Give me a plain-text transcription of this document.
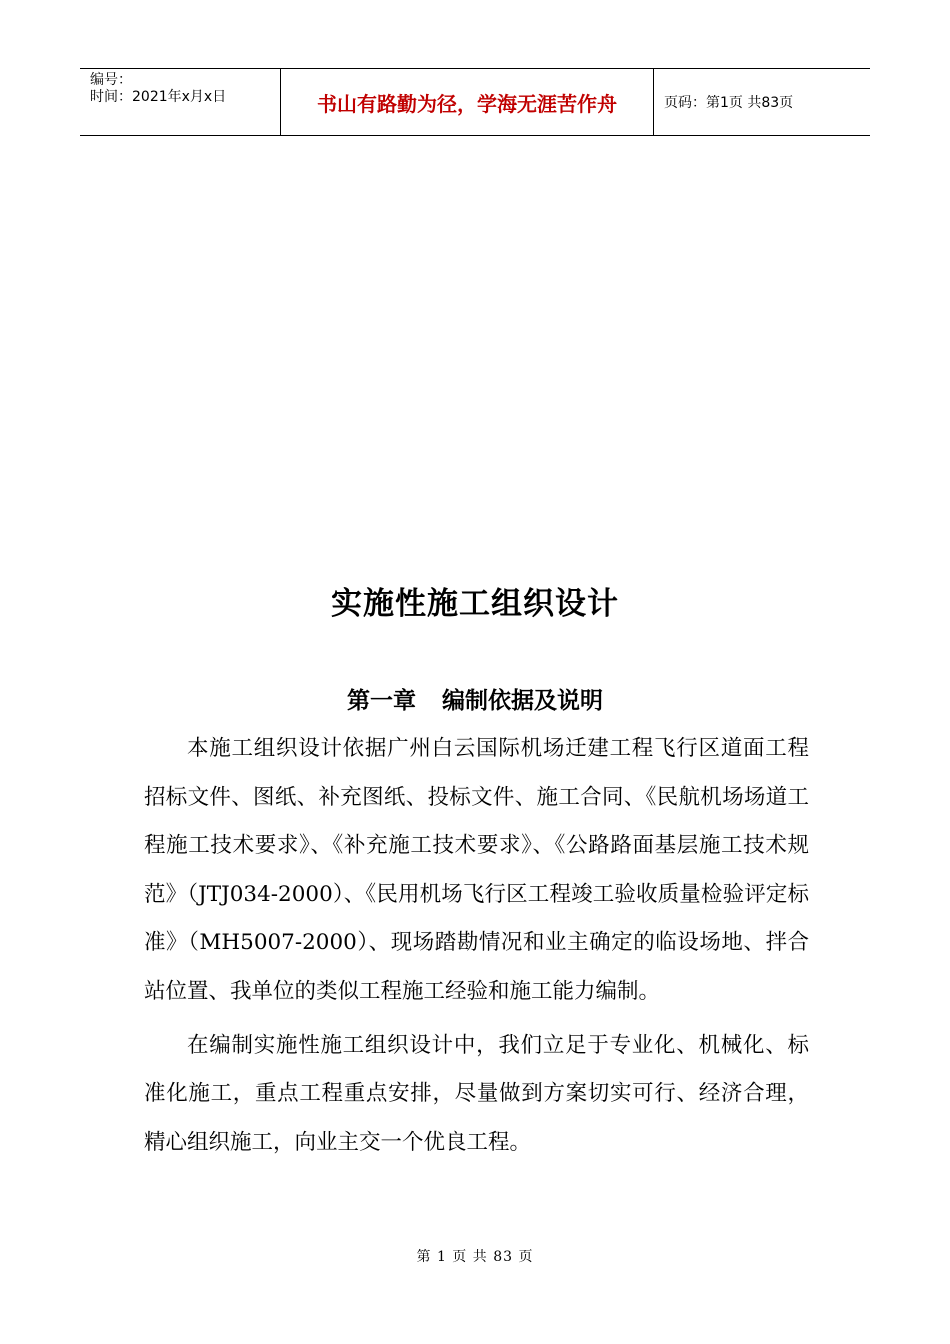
编号：
时间：2021年x月x日	书山有路勤为径，学海无涯苦作舟	页码：第1页 共83页
实施性施工组织设计
第一章 编制依据及说明

本施工组织设计依据广州白云国际机场迁建工程飞行区道面工程招标文件、图纸、补充图纸、投标文件、施工合同、《民航机场场道工程施工技术要求》、《补充施工技术要求》、《公路路面基层施工技术规范》（JTJ034-2000）、《民用机场飞行区工程竣工验收质量检验评定标准》（MH5007-2000）、现场踏勘情况和业主确定的临设场地、拌合站位置、我单位的类似工程施工经验和施工能力编制。

在编制实施性施工组织设计中，我们立足于专业化、机械化、标准化施工，重点工程重点安排，尽量做到方案切实可行、经济合理，精心组织施工，向业主交一个优良工程。

第 1 页 共 83 页
